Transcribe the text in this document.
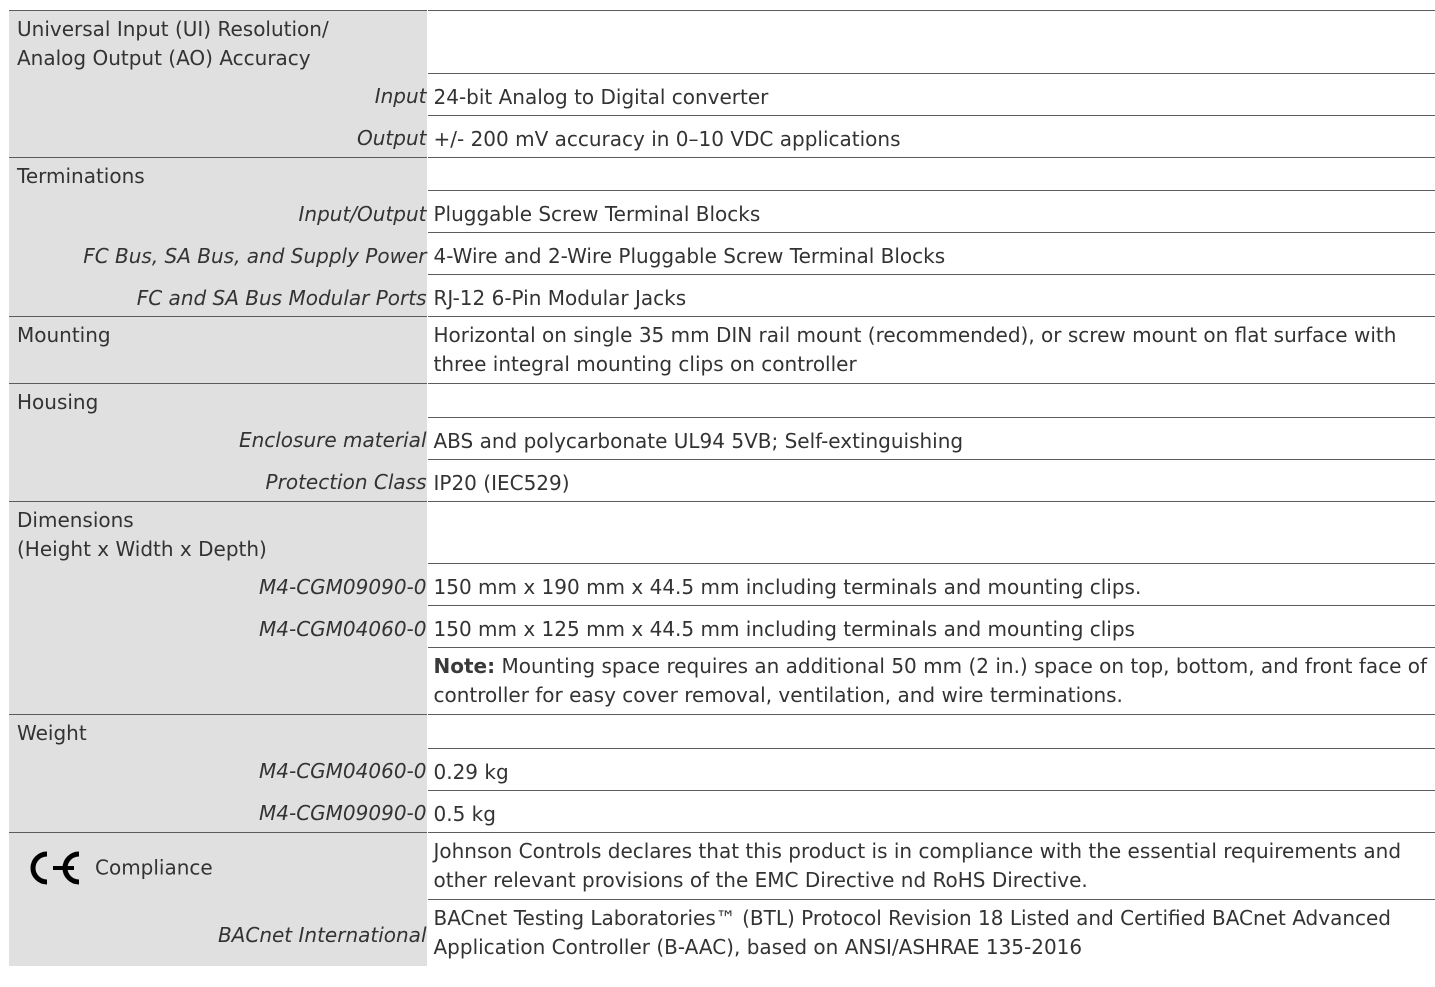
Universal Input (UI) Resolution/
Analog Output (AO) Accuracy	

Input	24-bit Analog to Digital converter
Output	+/- 200 mV accuracy in 0–10 VDC applications
Terminations	
Input/Output	Pluggable Screw Terminal Blocks
FC Bus, SA Bus, and Supply Power	4-Wire and 2-Wire Pluggable Screw Terminal Blocks
FC and SA Bus Modular Ports	RJ-12 6-Pin Modular Jacks
Mounting	Horizontal on single 35 mm DIN rail mount (recommended), or screw mount on flat surface with three integral mounting clips on controller
Housing	
Enclosure material	ABS and polycarbonate UL94 5VB; Self-extinguishing
Protection Class	IP20 (IEC529)

Dimensions
(Height x Width x Depth)	

M4-CGM09090-0	150 mm x 190 mm x 44.5 mm including terminals and mounting clips.
M4-CGM04060-0	150 mm x 125 mm x 44.5 mm including terminals and mounting clips
	Note: Mounting space requires an additional 50 mm (2 in.) space on top, bottom, and front face of controller for easy cover removal, ventilation, and wire terminations.
Weight	
M4-CGM04060-0	0.29 kg
M4-CGM09090-0	0.5 kg

Compliance	Johnson Controls declares that this product is in compliance with the essential requirements and other relevant provisions of the EMC Directive nd RoHS Directive.
BACnet International	BACnet Testing Laboratories™ (BTL) Protocol Revision 18 Listed and Certified BACnet Advanced Application Controller (B-AAC), based on ANSI/ASHRAE 135-2016
